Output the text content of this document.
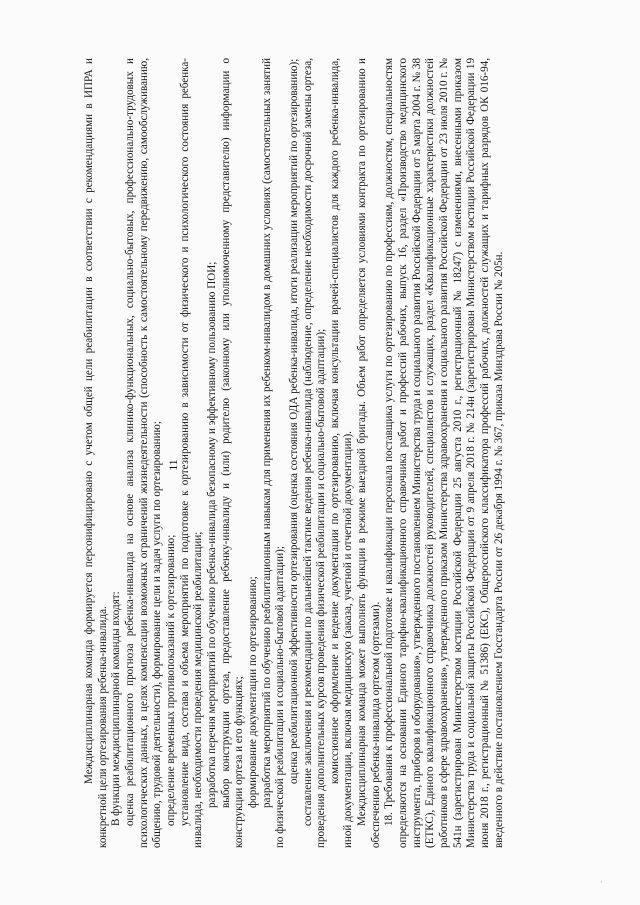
11

Междисциплинарная команда формируется персонифицировано с учетом общей цели реабилитации в соответствии с рекомендациями в ИПРА и конкретной цели ортезирования ребенка-инвалида. В функции междисциплинарной команды входят: оценка реабилитационного прогноза ребенка-инвалида на основе анализа клинико-функциональных, социально-бытовых, профессионально-трудовых и психологических данных, в целях компенсации возможных ограничений жизнедеятельности (способность к самостоятельному передвижению, самообслуживанию, общению, трудовой деятельности), формирование цели и задач услуги по ортезированию; определение временных противопоказаний к ортезированию; установление вида, состава и объема мероприятий по подготовке к ортезированию в зависимости от физического и психологического состояния ребенка-инвалида, необходимости проведения медицинской реабилитации; разработка перечня мероприятий по обучению ребенка-инвалида безопасному и эффективному пользованию ПОИ; выбор конструкции ортеза, предоставление ребенку-инвалиду и (или) родителю (законному или уполномоченному представителю) информации о конструкции ортеза и его функциях; формирование документации по ортезированию; разработка мероприятий по обучению реабилитационным навыкам для применения их ребенком-инвалидом в домашних условиях (самостоятельных занятий по физической реабилитации и социально-бытовой адаптации); оценка реабилитационной эффективности ортезирования (оценка состояния ОДА ребенка-инвалида, итоги реализации мероприятий по ортезированию); составление заключения и рекомендации по дальнейшей тактике ведения ребенка-инвалида (наблюдение, определение необходимости досрочной замены ортеза, проведения дополнительных курсов проведения физической реабилитации и социально-бытовой адаптации); комиссионное оформление и ведение документации по ортезированию, включая консультации врачей-специалистов для каждого ребенка-инвалида, иной документации, включая медицинскую (заказа, учетной и отчетной документации). Междисциплинарная команда может выполнять функции в режиме выездной бригады. Объем работ определяется условиями контракта по ортезированию и обеспечению ребенка-инвалида ортезом (ортезами). 18. Требования к профессиональной подготовке и квалификации персонала поставщика услуги по ортезированию по профессиям, должностям, специальностям определяются на основании Единого тарифно-квалификационного справочника работ и профессий рабочих, выпуск 16, раздел «Производство медицинского инструмента, приборов и оборудования», утвержденного постановлением Министерства труда и социального развития Российской Федерации от 5 марта 2004 г. № 38 (ЕТКС), Единого квалификационного справочника должностей руководителей, специалистов и служащих, раздел «Квалификационные характеристики должностей работников в сфере здравоохранения», утвержденного приказом Министерства здравоохранения и социального развития Российской Федерации от 23 июля 2010 г. № 541н (зарегистрирован Министерством юстиции Российской Федерации 25 августа 2010 г., регистрационный № 18247) с изменениями, внесенными приказом Министерства труда и социальной защиты Российской Федерации от 9 апреля 2018 г. № 214н (зарегистрирован Министерством юстиции Российской Федерации 19 июня 2018 г., регистрационный № 51386) (ЕКС), Общероссийского классификатора профессий рабочих, должностей служащих и тарифных разрядов ОК 016-94, введенного в действие постановлением Госстандарта России от 26 декабря 1994 г. № 367, приказа Минздрава России № 205н.

·
